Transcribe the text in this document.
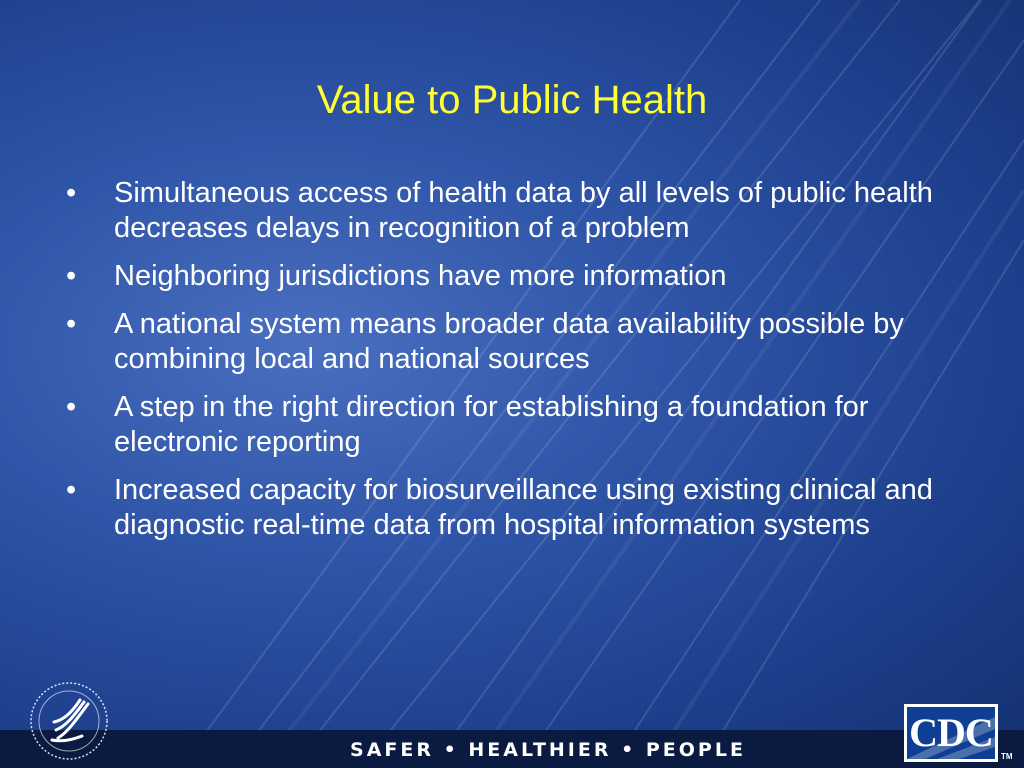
Value to Public Health
•	Simultaneous access of health data by all levels of public health decreases delays in recognition of a problem
•	Neighboring jurisdictions have more information
•	A national system means broader data availability possible by combining local and national sources
•	A step in the right direction for establishing a foundation for electronic reporting
•	Increased capacity for biosurveillance using existing clinical and diagnostic real-time data from hospital information systems
SAFER • HEALTHIER • PEOPLE	CDC
TM
